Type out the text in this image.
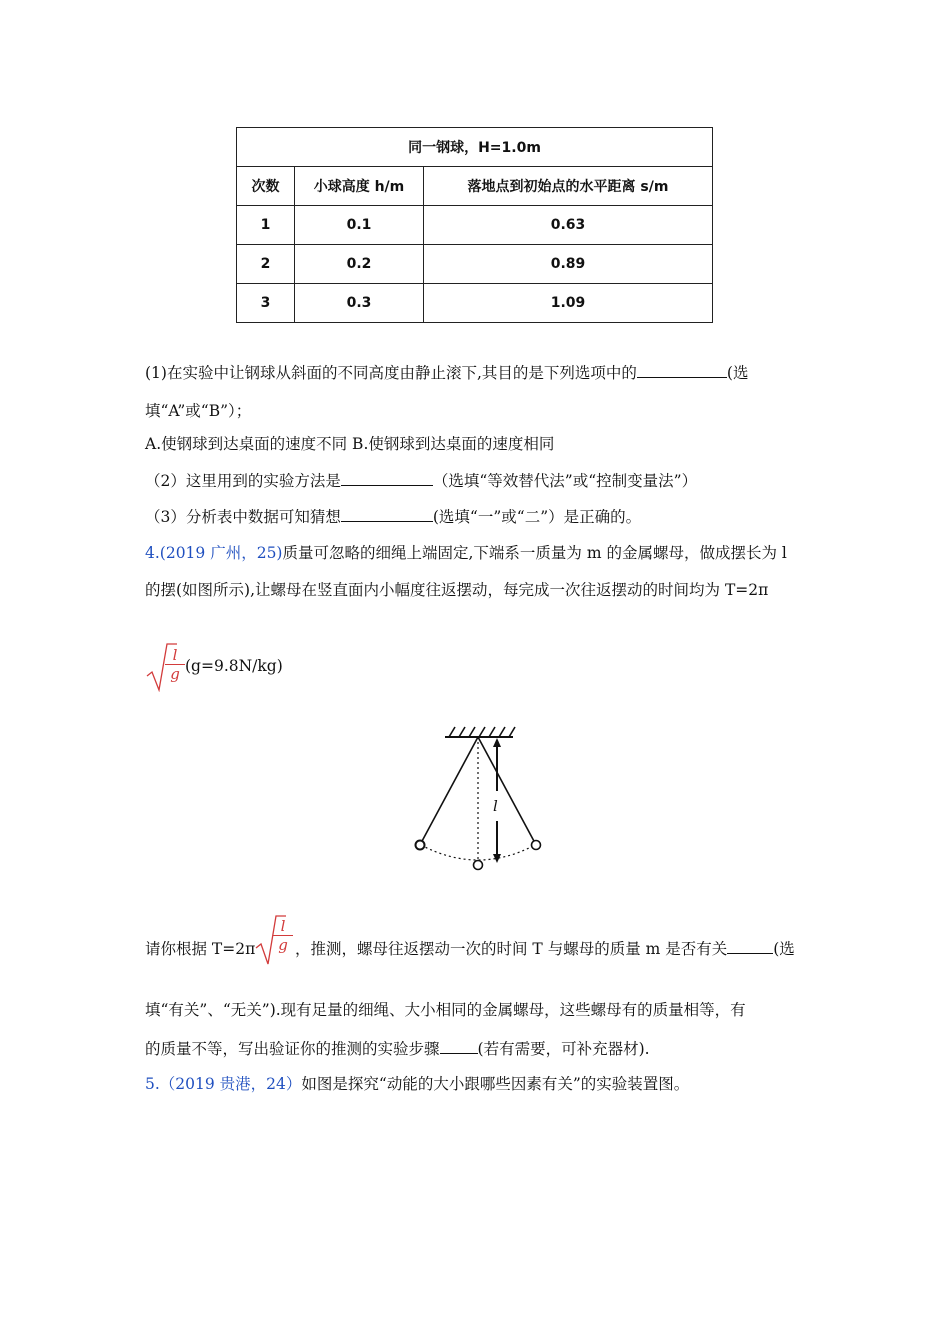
同一钢球，H=1.0m		
次数	小球高度 h/m	落地点到初始点的水平距离 s/m
1	0.1	0.63
2	0.2	0.89
3	0.3	1.09
(1)在实验中让钢球从斜面的不同高度由静止滚下,其目的是下列选项中的	(选
填“A”或“B”）；
A.使钢球到达桌面的速度不同 B.使钢球到达桌面的速度相同
（2）这里用到的实验方法是	（选填“等效替代法”或“控制变量法”）
（3）分析表中数据可知猜想	(选填“一”或“二”）是正确的。
4.(2019 广州，25)质量可忽略的细绳上端固定,下端系一质量为 m 的金属螺母，做成摆长为 l
的摆(如图所示),让螺母在竖直面内小幅度往返摆动，每完成一次往返摆动的时间均为 T=2π
$\frac{l}{g} (g=9.8N/kg)$
l
请你根据 $T=2\pi \frac{l}{g}$ ，推测，螺母往返摆动一次的时间 T 与螺母的质量 m 是否有关	(选
填“有关”、“无关”).现有足量的细绳、大小相同的金属螺母，这些螺母有的质量相等，有
的质量不等，写出验证你的推测的实验步骤 (若有需要，可补充器材).
5.（2019 贵港，24）如图是探究“动能的大小跟哪些因素有关”的实验装置图。
